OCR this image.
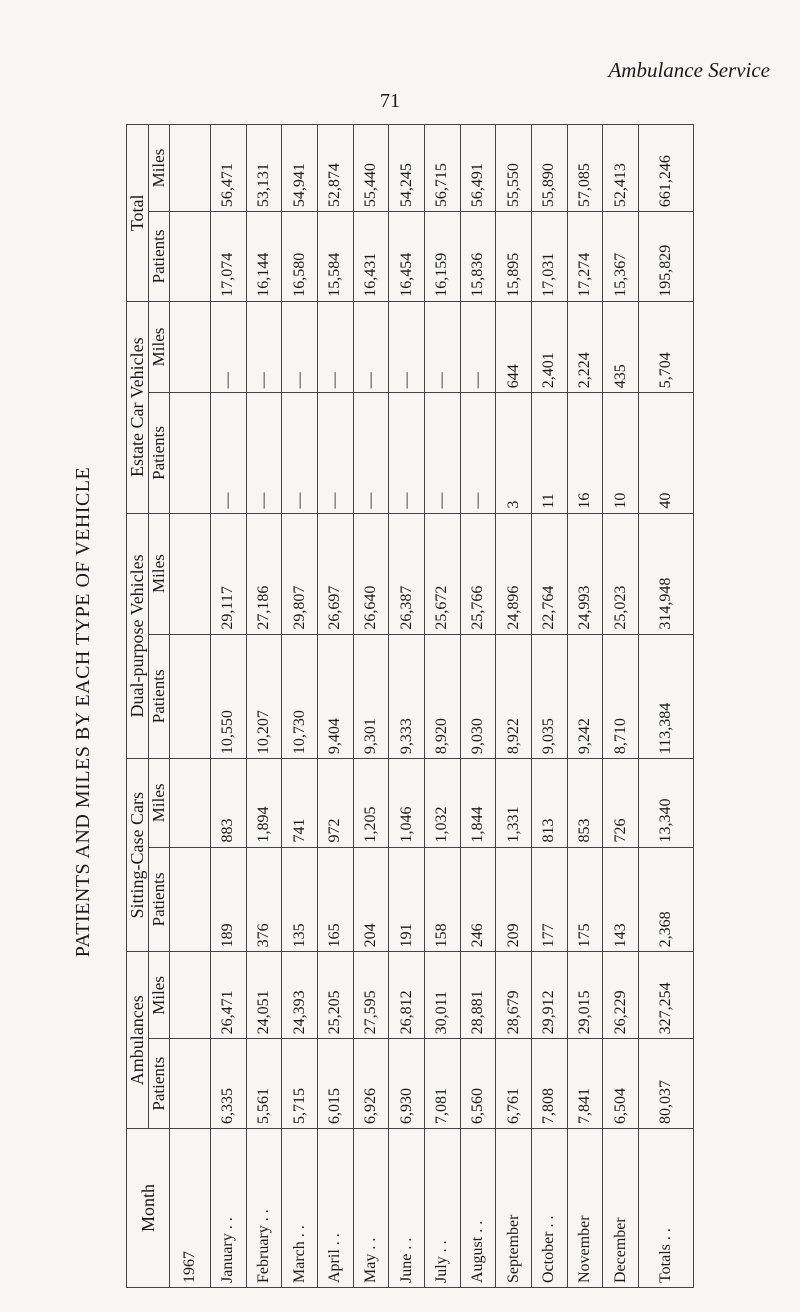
Ambulance Service
71
PATIENTS AND MILES BY EACH TYPE OF VEHICLE
Month	Ambulances		Sitting-Case Cars		Dual-purpose Vehicles		Estate Car Vehicles		Total	
	Patients	Miles	Patients	Miles	Patients	Miles	Patients	Miles	Patients	Miles
1967										
January . .	6,335	26,471	189	883	10,550	29,117	—	—	17,074	56,471
February . .	5,561	24,051	376	1,894	10,207	27,186	—	—	16,144	53,131
March . .	5,715	24,393	135	741	10,730	29,807	—	—	16,580	54,941
April . .	6,015	25,205	165	972	9,404	26,697	—	—	15,584	52,874
May . .	6,926	27,595	204	1,205	9,301	26,640	—	—	16,431	55,440
June . .	6,930	26,812	191	1,046	9,333	26,387	—	—	16,454	54,245
July . .	7,081	30,011	158	1,032	8,920	25,672	—	—	16,159	56,715
August . .	6,560	28,881	246	1,844	9,030	25,766	—	—	15,836	56,491
September	6,761	28,679	209	1,331	8,922	24,896	3	644	15,895	55,550
October . .	7,808	29,912	177	813	9,035	22,764	11	2,401	17,031	55,890
November	7,841	29,015	175	853	9,242	24,993	16	2,224	17,274	57,085
December	6,504	26,229	143	726	8,710	25,023	10	435	15,367	52,413
Totals . .	80,037	327,254	2,368	13,340	113,384	314,948	40	5,704	195,829	661,246
